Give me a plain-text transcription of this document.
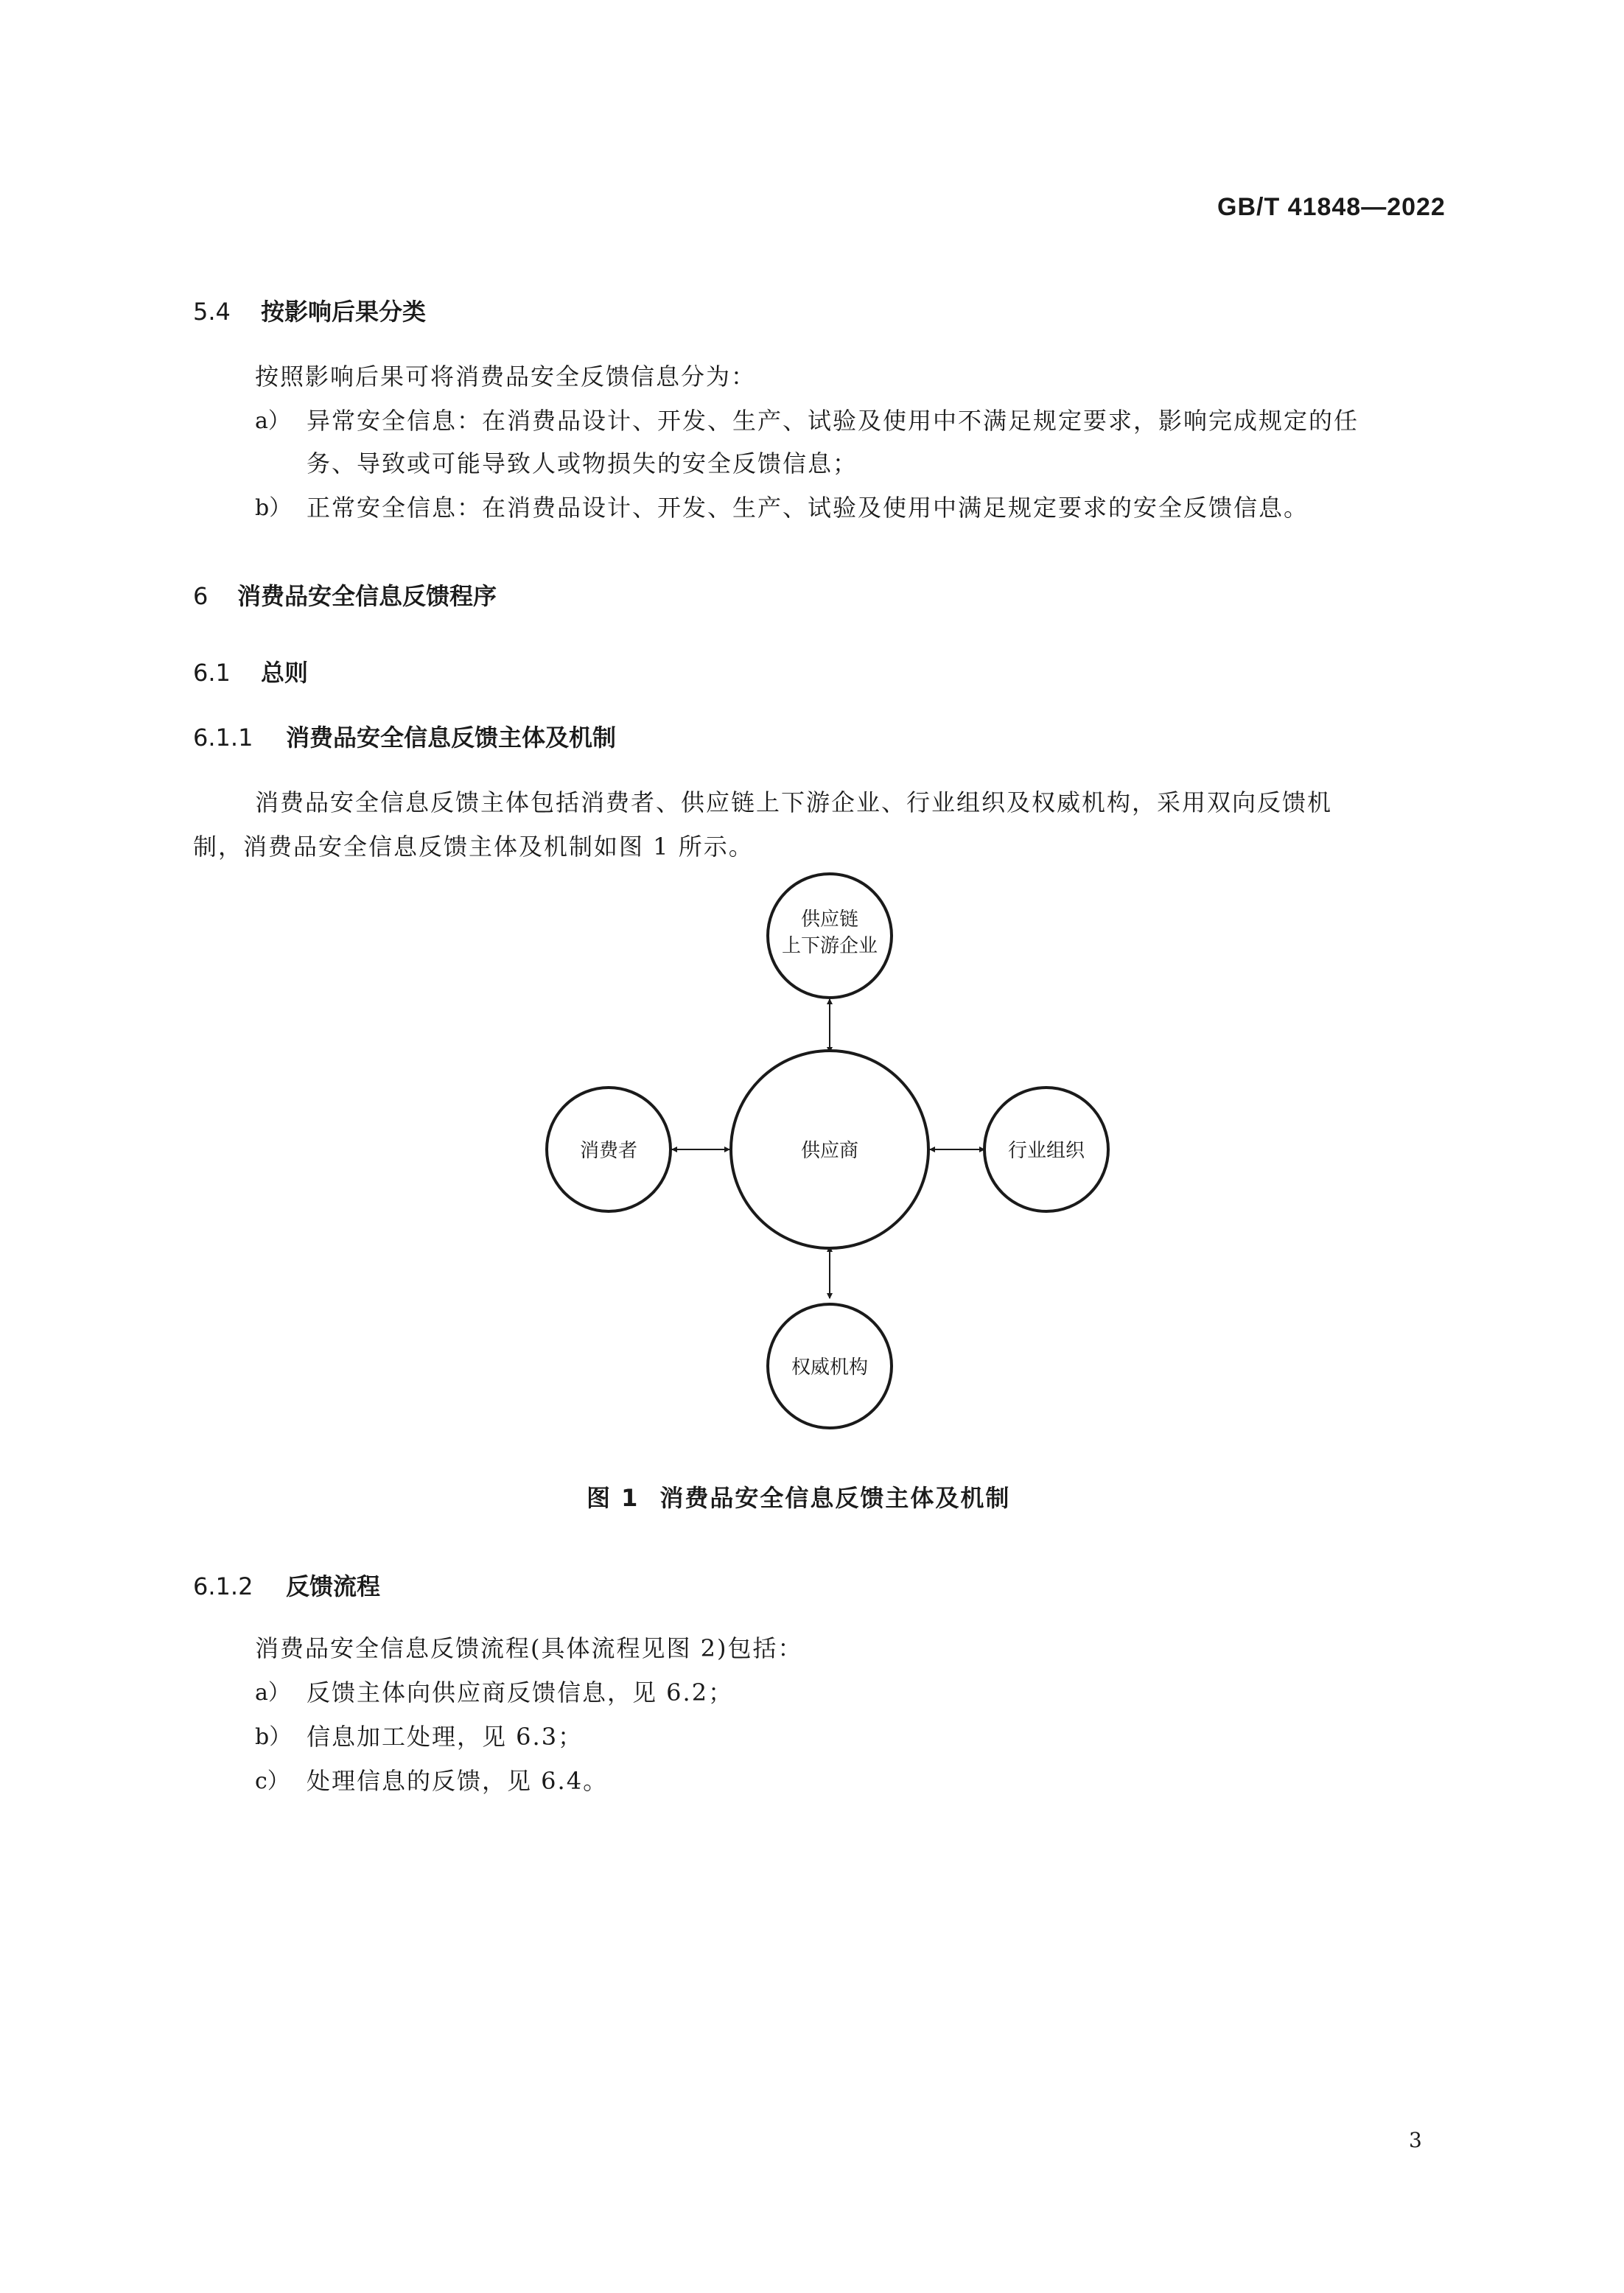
GB/T 41848—2022
5.4 按影响后果分类
按照影响后果可将消费品安全反馈信息分为：
a） 异常安全信息：在消费品设计、开发、生产、试验及使用中不满足规定要求，影响完成规定的任
务、导致或可能导致人或物损失的安全反馈信息；
b） 正常安全信息：在消费品设计、开发、生产、试验及使用中满足规定要求的安全反馈信息。
6 消费品安全信息反馈程序
6.1 总则
6.1.1 消费品安全信息反馈主体及机制
消费品安全信息反馈主体包括消费者、供应链上下游企业、行业组织及权威机构，采用双向反馈机
制，消费品安全信息反馈主体及机制如图 1 所示。
供应商
供应链
上下游企业
消费者	行业组织
权威机构
图 1 消费品安全信息反馈主体及机制
6.1.2 反馈流程
消费品安全信息反馈流程(具体流程见图 2)包括：
a） 反馈主体向供应商反馈信息，见 6.2；
b） 信息加工处理，见 6.3；
c） 处理信息的反馈，见 6.4。
3
